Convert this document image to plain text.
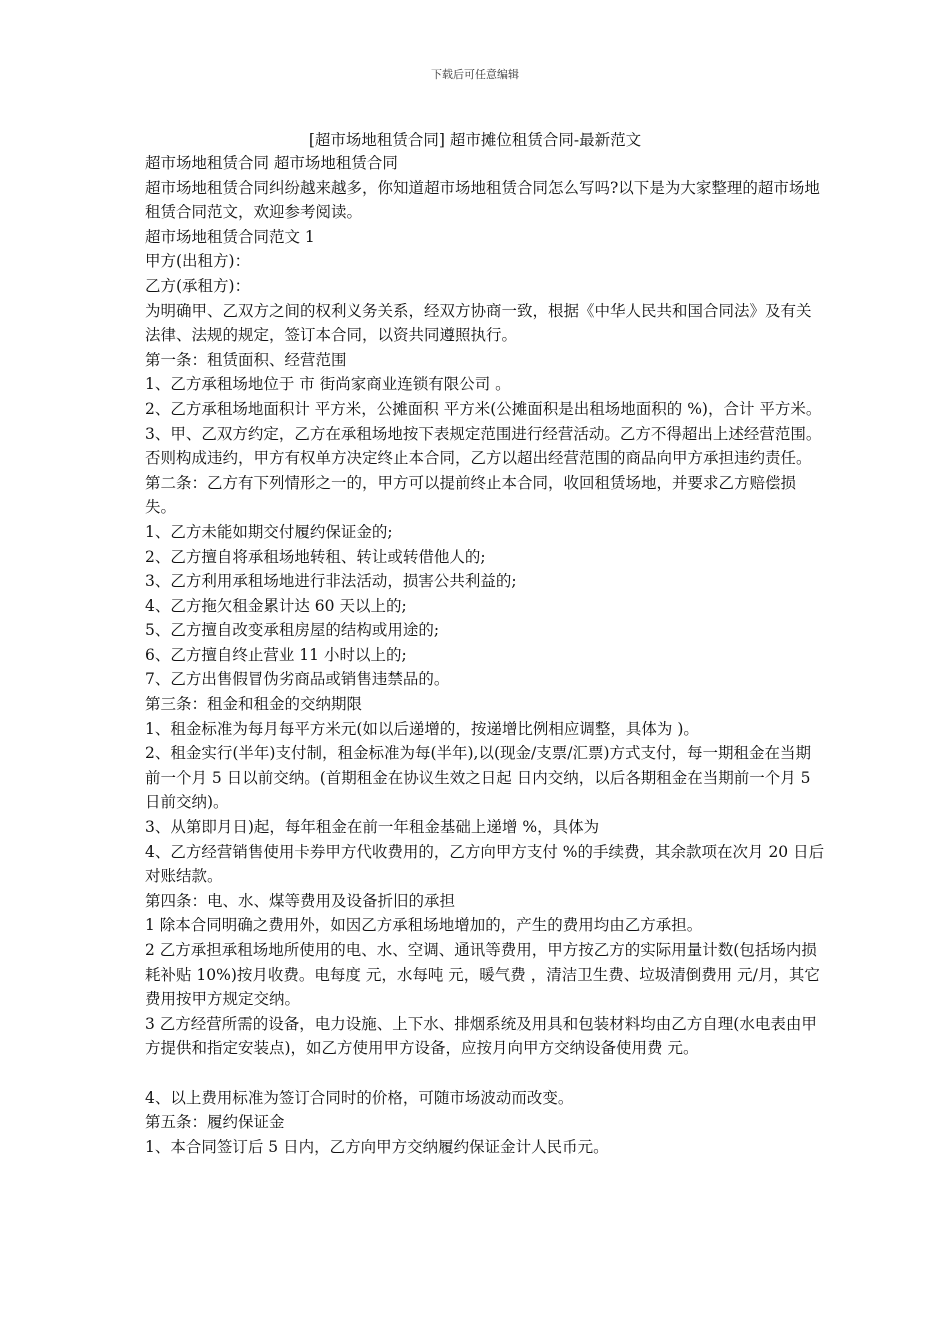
下载后可任意编辑
[超市场地租赁合同] 超市摊位租赁合同-最新范文

超市场地租赁合同 超市场地租赁合同

超市场地租赁合同纠纷越来越多，你知道超市场地租赁合同怎么写吗?以下是为大家整理的超市场地租赁合同范文，欢迎参考阅读。

超市场地租赁合同范文 1

甲方(出租方)：

乙方(承租方)：

为明确甲、乙双方之间的权利义务关系，经双方协商一致，根据《中华人民共和国合同法》及有关法律、法规的规定，签订本合同，以资共同遵照执行。

第一条：租赁面积、经营范围

1、乙方承租场地位于 市 街尚家商业连锁有限公司 。

2、乙方承租场地面积计 平方米，公摊面积 平方米(公摊面积是出租场地面积的 %)，合计 平方米。

3、甲、乙双方约定，乙方在承租场地按下表规定范围进行经营活动。乙方不得超出上述经营范围。否则构成违约，甲方有权单方决定终止本合同，乙方以超出经营范围的商品向甲方承担违约责任。

第二条：乙方有下列情形之一的，甲方可以提前终止本合同，收回租赁场地，并要求乙方赔偿损失。

1、乙方未能如期交付履约保证金的;

2、乙方擅自将承租场地转租、转让或转借他人的;

3、乙方利用承租场地进行非法活动，损害公共利益的;

4、乙方拖欠租金累计达 60 天以上的;

5、乙方擅自改变承租房屋的结构或用途的;

6、乙方擅自终止营业 11 小时以上的;

7、乙方出售假冒伪劣商品或销售违禁品的。

第三条：租金和租金的交纳期限

1、租金标准为每月每平方米元(如以后递增的，按递增比例相应调整，具体为 )。

2、租金实行(半年)支付制，租金标准为每(半年),以(现金/支票/汇票)方式支付，每一期租金在当期前一个月 5 日以前交纳。(首期租金在协议生效之日起 日内交纳，以后各期租金在当期前一个月 5 日前交纳)。

3、从第即月日)起，每年租金在前一年租金基础上递增 %，具体为

4、乙方经营销售使用卡券甲方代收费用的，乙方向甲方支付 %的手续费，其余款项在次月 20 日后对账结款。

第四条：电、水、煤等费用及设备折旧的承担

1 除本合同明确之费用外，如因乙方承租场地增加的，产生的费用均由乙方承担。

2 乙方承担承租场地所使用的电、水、空调、通讯等费用，甲方按乙方的实际用量计数(包括场内损耗补贴 10%)按月收费。电每度 元，水每吨 元，暖气费 ，清洁卫生费、垃圾清倒费用 元/月，其它费用按甲方规定交纳。

3 乙方经营所需的设备，电力设施、上下水、排烟系统及用具和包装材料均由乙方自理(水电表由甲方提供和指定安装点)，如乙方使用甲方设备，应按月向甲方交纳设备使用费 元。

4、以上费用标准为签订合同时的价格，可随市场波动而改变。

第五条：履约保证金

1、本合同签订后 5 日内，乙方向甲方交纳履约保证金计人民币元。
